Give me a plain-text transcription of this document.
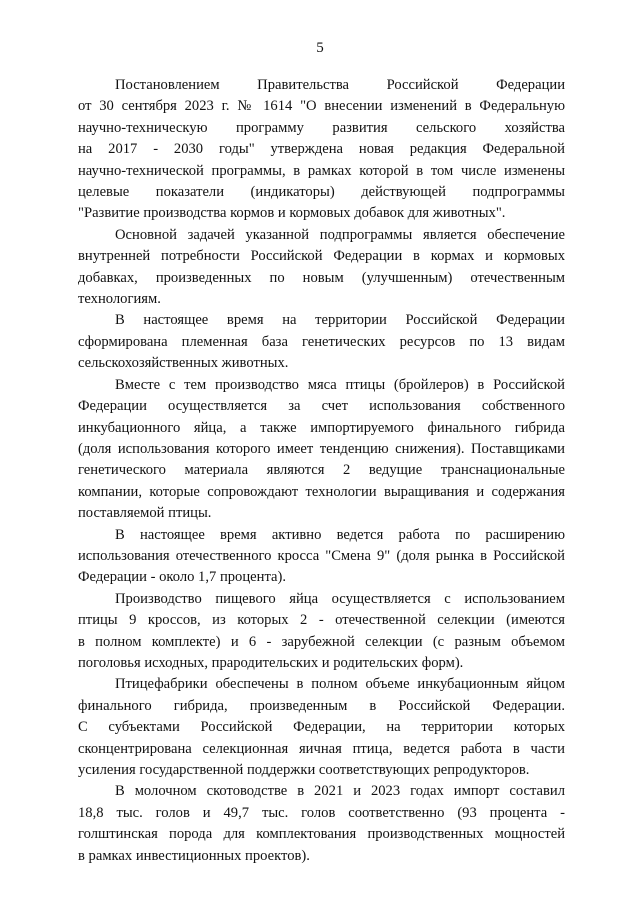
5
Постановлением Правительства Российской Федерации
от 30 сентября 2023 г. № 1614 "О внесении изменений в Федеральную
научно-техническую программу развития сельского хозяйства
на 2017 - 2030 годы" утверждена новая редакция Федеральной
научно-технической программы, в рамках которой в том числе изменены
целевые показатели (индикаторы) действующей подпрограммы
"Развитие производства кормов и кормовых добавок для животных".
Основной задачей указанной подпрограммы является обеспечение
внутренней потребности Российской Федерации в кормах и кормовых
добавках, произведенных по новым (улучшенным) отечественным
технологиям.
В настоящее время на территории Российской Федерации
сформирована племенная база генетических ресурсов по 13 видам
сельскохозяйственных животных.
Вместе с тем производство мяса птицы (бройлеров) в Российской
Федерации осуществляется за счет использования собственного
инкубационного яйца, а также импортируемого финального гибрида
(доля использования которого имеет тенденцию снижения). Поставщиками
генетического материала являются 2 ведущие транснациональные
компании, которые сопровождают технологии выращивания и содержания
поставляемой птицы.
В настоящее время активно ведется работа по расширению
использования отечественного кросса "Смена 9" (доля рынка в Российской
Федерации - около 1,7 процента).
Производство пищевого яйца осуществляется с использованием
птицы 9 кроссов, из которых 2 - отечественной селекции (имеются
в полном комплекте) и 6 - зарубежной селекции (с разным объемом
поголовья исходных, прародительских и родительских форм).
Птицефабрики обеспечены в полном объеме инкубационным яйцом
финального гибрида, произведенным в Российской Федерации.
С субъектами Российской Федерации, на территории которых
сконцентрирована селекционная яичная птица, ведется работа в части
усиления государственной поддержки соответствующих репродукторов.
В молочном скотоводстве в 2021 и 2023 годах импорт составил
18,8 тыс. голов и 49,7 тыс. голов соответственно (93 процента -
голштинская порода для комплектования производственных мощностей
в рамках инвестиционных проектов).
